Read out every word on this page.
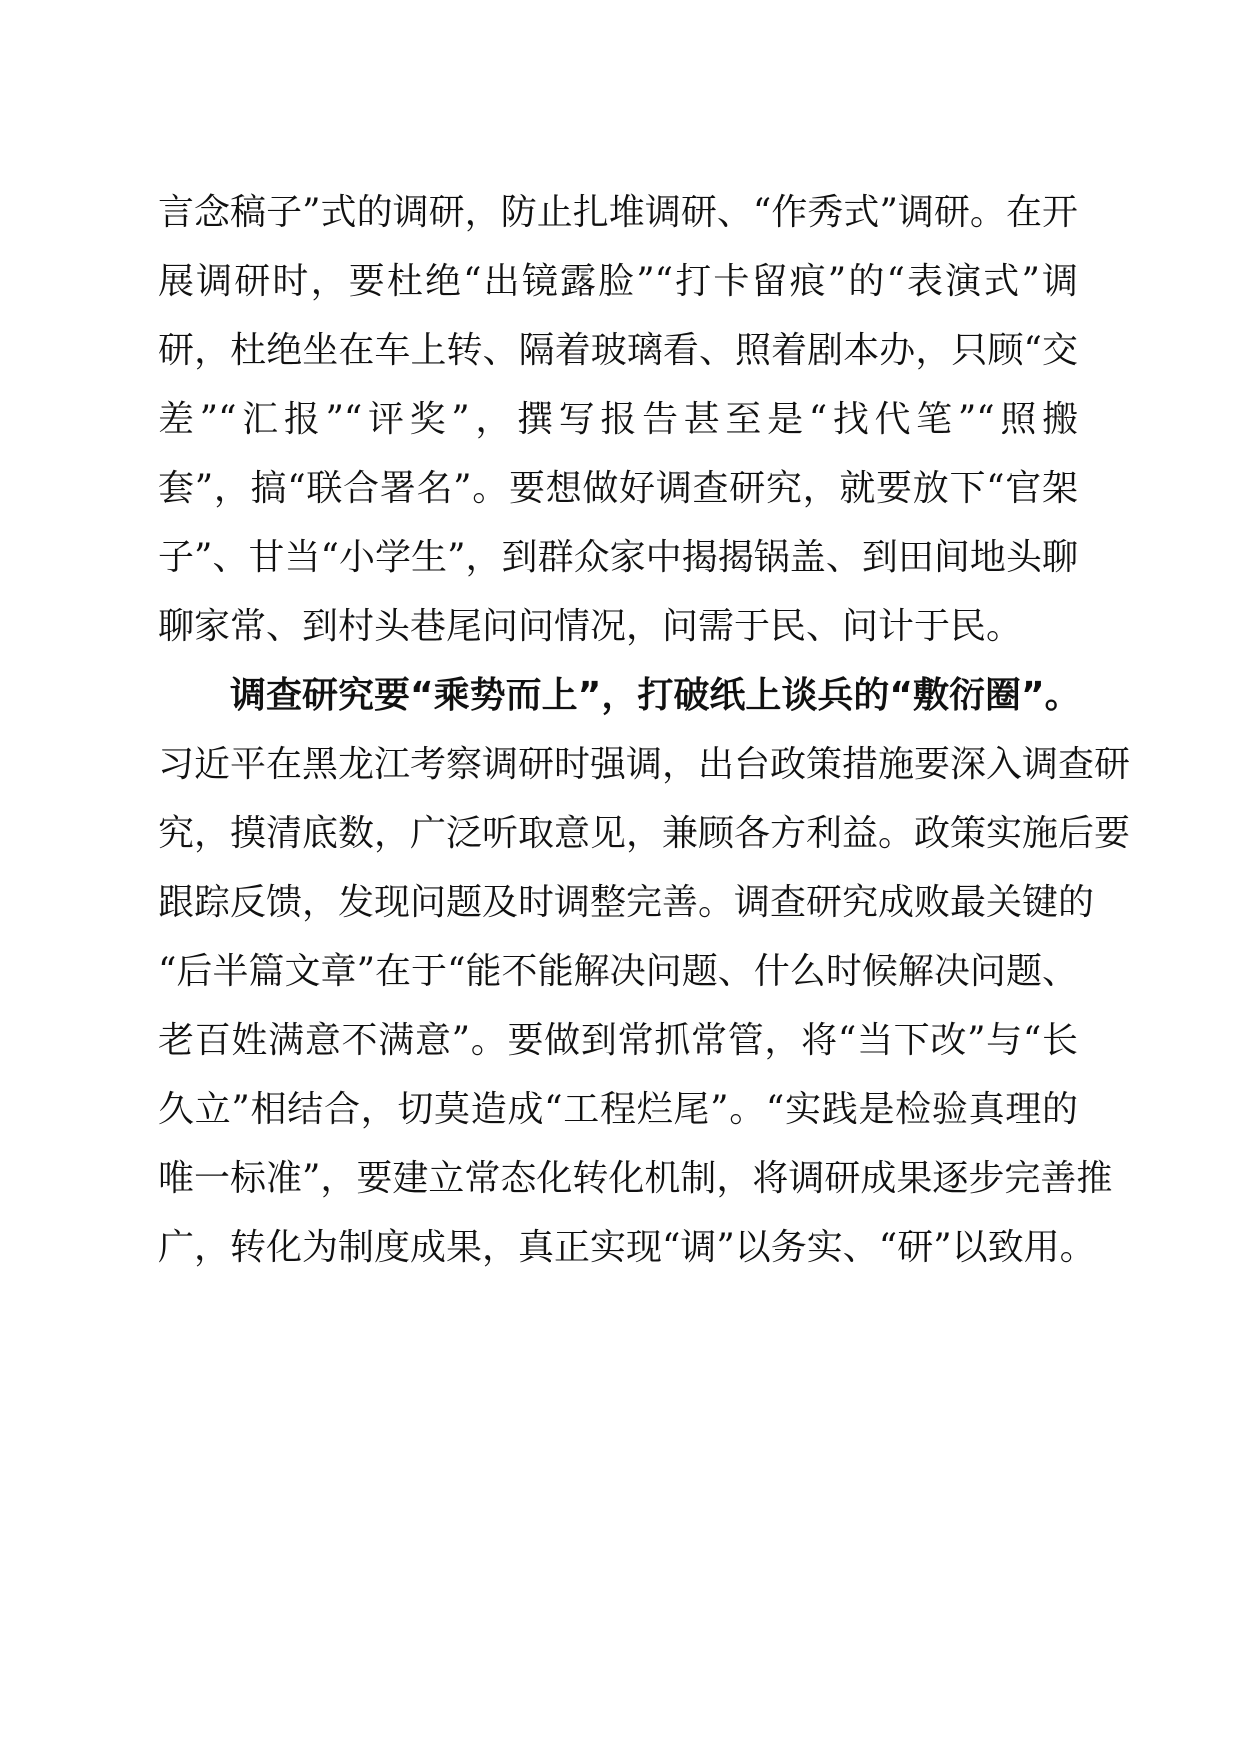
言念稿子”式的调研，防止扎堆调研、“作秀式”调研。在开
展调研时，要杜绝“出镜露脸”“打卡留痕”的“表演式”调
研，杜绝坐在车上转、隔着玻璃看、照着剧本办，只顾“交
差”“汇报”“评奖”，撰写报告甚至是“找代笔”“照搬
套”，搞“联合署名”。要想做好调查研究，就要放下“官架
子”、甘当“小学生”，到群众家中揭揭锅盖、到田间地头聊
聊家常、到村头巷尾问问情况，问需于民、问计于民。
调查研究要“乘势而上”，打破纸上谈兵的“敷衍圈”。
习近平在黑龙江考察调研时强调，出台政策措施要深入调查研
究，摸清底数，广泛听取意见，兼顾各方利益。政策实施后要
跟踪反馈，发现问题及时调整完善。调查研究成败最关键的
“后半篇文章”在于“能不能解决问题、什么时候解决问题、
老百姓满意不满意”。要做到常抓常管，将“当下改”与“长
久立”相结合，切莫造成“工程烂尾”。“实践是检验真理的
唯一标准”，要建立常态化转化机制，将调研成果逐步完善推
广，转化为制度成果，真正实现“调”以务实、“研”以致用。
